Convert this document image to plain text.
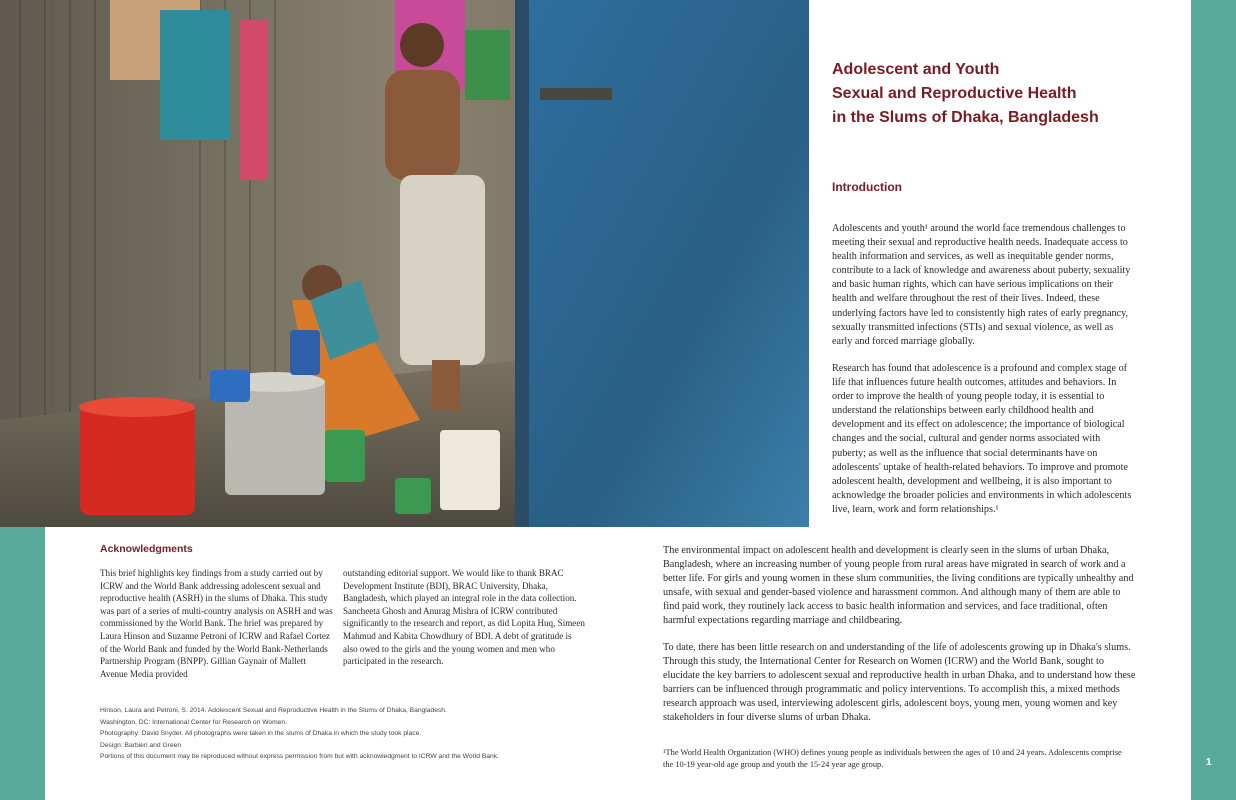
Adolescent and Youth
Sexual and Reproductive Health
in the Slums of Dhaka, Bangladesh
Introduction

Adolescents and youth¹ around the world face tremendous challenges to meeting their sexual and reproductive health needs. Inadequate access to health information and services, as well as inequitable gender norms, contribute to a lack of knowledge and awareness about puberty, sexuality and basic human rights, which can have serious implications on their health and welfare throughout the rest of their lives. Indeed, these underlying factors have led to consistently high rates of early pregnancy, sexually transmitted infections (STIs) and sexual violence, as well as early and forced marriage globally.

Research has found that adolescence is a profound and complex stage of life that influences future health outcomes, attitudes and behaviors. In order to improve the health of young people today, it is essential to understand the relationships between early childhood health and development and its effect on adolescence; the importance of biological changes and the social, cultural and gender norms associated with puberty; as well as the influence that social determinants have on adolescents' uptake of health-related behaviors. To improve and promote adolescent health, development and wellbeing, it is also important to acknowledge the broader policies and environments in which adolescents live, learn, work and form relationships.¹

Acknowledgments

This brief highlights key findings from a study carried out by ICRW and the World Bank addressing adolescent sexual and reproductive health (ASRH) in the slums of Dhaka. This study was part of a series of multi-country analysis on ASRH and was commissioned by the World Bank. The brief was prepared by Laura Hinson and Suzanne Petroni of ICRW and Rafael Cortez of the World Bank and funded by the World Bank-Netherlands Partnership Program (BNPP). Gillian Gaynair of Mallett Avenue Media provided

outstanding editorial support. We would like to thank BRAC Development Institute (BDI), BRAC University, Dhaka, Bangladesh, which played an integral role in the data collection. Sancheeta Ghosh and Anurag Mishra of ICRW contributed significantly to the research and report, as did Lopita Huq, Simeen Mahmud and Kabita Chowdhury of BDI. A debt of gratitude is also owed to the girls and the young women and men who participated in the research.

Hinson, Laura and Petroni, S. 2014. Adolescent Sexual and Reproductive Health in the Slums of Dhaka, Bangladesh.
Washington, DC: International Center for Research on Women.
Photography: David Snyder. All photographs were taken in the slums of Dhaka in which the study took place.
Design: Barbieri and Green
Portions of this document may be reproduced without express permission from but with acknowledgment to ICRW and the World Bank.

The environmental impact on adolescent health and development is clearly seen in the slums of urban Dhaka, Bangladesh, where an increasing number of young people from rural areas have migrated in search of work and a better life. For girls and young women in these slum communities, the living conditions are typically unhealthy and unsafe, with sexual and gender-based violence and harassment common. And although many of them are able to find paid work, they routinely lack access to basic health information and services, and face traditional, often harmful expectations regarding marriage and childbearing.

To date, there has been little research on and understanding of the life of adolescents growing up in Dhaka's slums. Through this study, the International Center for Research on Women (ICRW) and the World Bank, sought to elucidate the key barriers to adolescent sexual and reproductive health in urban Dhaka, and to understand how these barriers can be influenced through programmatic and policy interventions. To accomplish this, a mixed methods research approach was used, interviewing adolescent girls, adolescent boys, young men, young women and key stakeholders in four diverse slums of urban Dhaka.

¹The World Health Organization (WHO) defines young people as individuals between the ages of 10 and 24 years. Adolescents comprise the 10-19 year-old age group and youth the 15-24 year age group.	1
